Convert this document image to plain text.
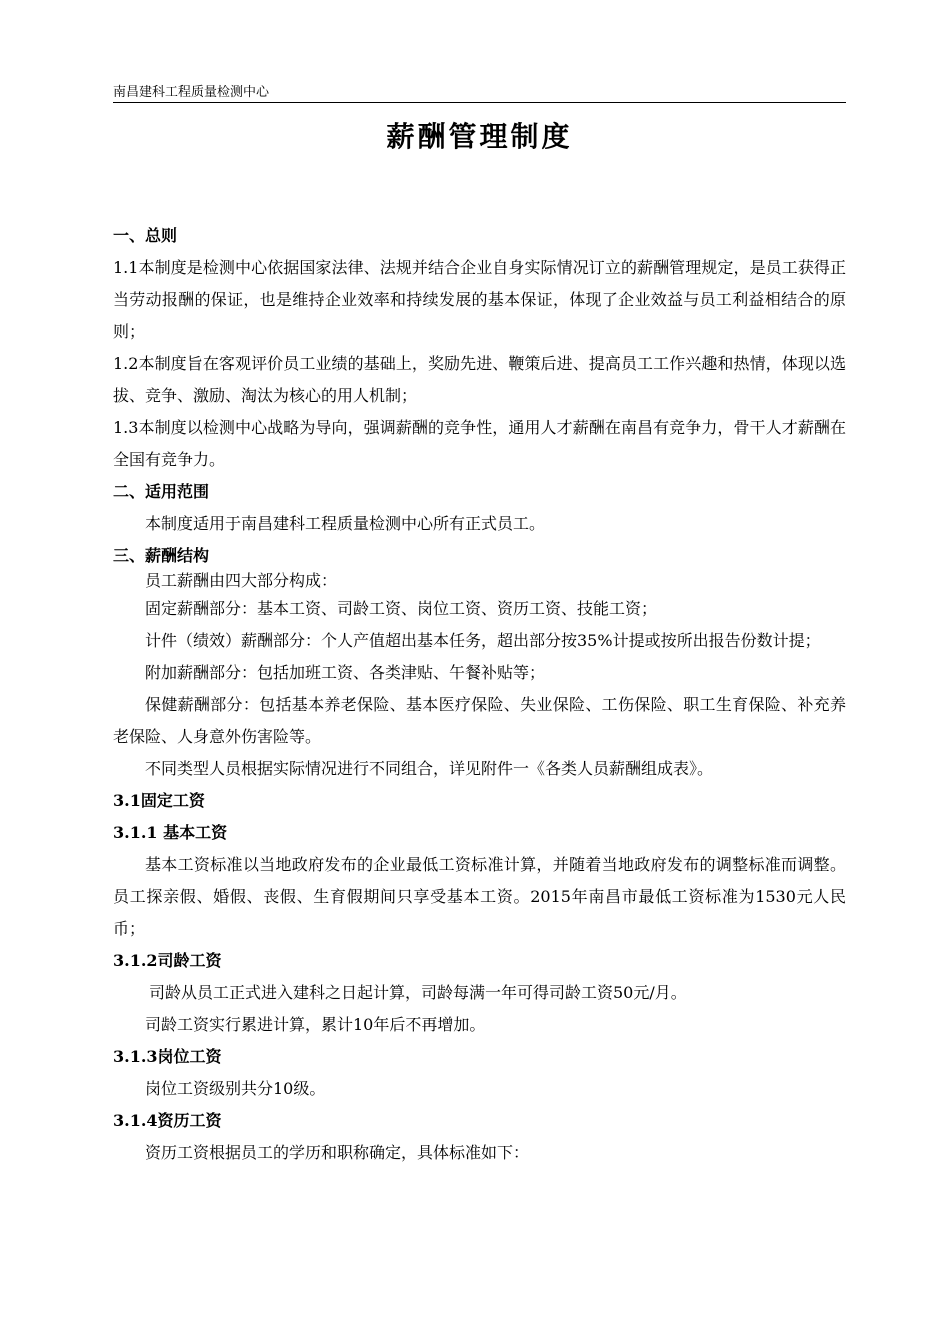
南昌建科工程质量检测中心
薪酬管理制度

一、总则

1.1本制度是检测中心依据国家法律、法规并结合企业自身实际情况订立的薪酬管理规定，是员工获得正当劳动报酬的保证，也是维持企业效率和持续发展的基本保证，体现了企业效益与员工利益相结合的原则；

1.2本制度旨在客观评价员工业绩的基础上，奖励先进、鞭策后进、提高员工工作兴趣和热情，体现以选拔、竞争、激励、淘汰为核心的用人机制；

1.3本制度以检测中心战略为导向，强调薪酬的竞争性，通用人才薪酬在南昌有竞争力，骨干人才薪酬在全国有竞争力。

二、适用范围

本制度适用于南昌建科工程质量检测中心所有正式员工。

三、薪酬结构

员工薪酬由四大部分构成：

固定薪酬部分：基本工资、司龄工资、岗位工资、资历工资、技能工资；

计件（绩效）薪酬部分：个人产值超出基本任务，超出部分按35%计提或按所出报告份数计提；

附加薪酬部分：包括加班工资、各类津贴、午餐补贴等；

保健薪酬部分：包括基本养老保险、基本医疗保险、失业保险、工伤保险、职工生育保险、补充养老保险、人身意外伤害险等。

不同类型人员根据实际情况进行不同组合，详见附件一《各类人员薪酬组成表》。

3.1固定工资

3.1.1 基本工资

基本工资标准以当地政府发布的企业最低工资标准计算，并随着当地政府发布的调整标准而调整。员工探亲假、婚假、丧假、生育假期间只享受基本工资。2015年南昌市最低工资标准为1530元人民币；

3.1.2司龄工资

司龄从员工正式进入建科之日起计算，司龄每满一年可得司龄工资50元/月。

司龄工资实行累进计算，累计10年后不再增加。

3.1.3岗位工资

岗位工资级别共分10级。

3.1.4资历工资

资历工资根据员工的学历和职称确定，具体标准如下：
